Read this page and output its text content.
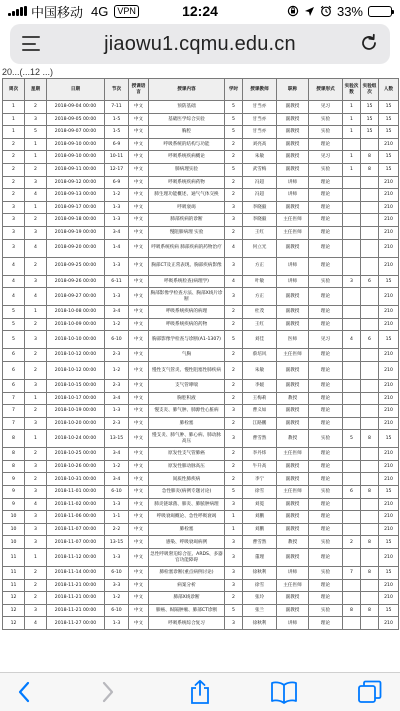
中国移动 4G	VPN	12:24	33%
jiaowu1.cqmu.edu.cn
20...(...12 ...)
周次	星期	日期	节次	授课语言	授课内容	学时	授课教师	职称	授课形式	实验次数	实验组次	人数
1	2	2018-09-04 00:00	7-11	中文	预防基础	5	甘当亦	副教授	见习	1	15	15
1	3	2018-09-05 00:00	1-5	中文	基础医学综合实验	5	甘当亦	副教授	实验	1	15	15
1	5	2018-09-07 00:00	1-5	中文	胸腔	5	甘当亦	副教授	实验	1	15	15
2	1	2018-09-10 00:00	6-9	中文	呼吸系统的结构与功能	2	刘亮高	副教授	理论			210
2	1	2018-09-10 00:00	10-11	中文	呼吸系统疾病概论	2	朱敏	副教授	见习	1	8	15
2	2	2018-09-11 00:00	12-17	中文	肺病理实验	5	武雪梅	副教授	实验	1	8	15
2	3	2018-09-12 00:00	6-9	中文	呼吸系统疾病药物	2	冯超	讲师	理论			210
2	4	2018-09-13 00:00	1-2	中文	肺生理功能概述、通气气体交换	2	冯超	讲师	理论			210
3	1	2018-09-17 00:00	1-3	中文	呼吸衰竭	3	李晓毅	副教授	理论			210
3	2	2018-09-18 00:00	1-3	中文	肺部疾病的诊断	3	李晓毅	主任医师	理论			210
3	3	2018-09-19 00:00	3-4	中文	慢阻肺病理 实验	2	王红	主任医师	理论			210
3	4	2018-09-20 00:00	1-4	中文	呼吸系统疾病 肺部疾病的药物治疗	4	何立光	副教授	理论			210
4	2	2018-09-25 00:00	1-3	中文	胸部CT及正常表现、胸部疾病影像	3	方正	讲师	理论			210
4	3	2018-09-26 00:00	6-11	中文	呼吸系统检查(病理学)	4	叶敏	讲师	实验	3	6	15
4	4	2018-09-27 00:00	1-3	中文	胸部影像学检查方法、胸部X线片诊断	3	方正	副教授	理论			210
5	1	2018-10-08 00:00	3-4	中文	呼吸系统疾病的病理	2	杜茂	副教授	理论			210
5	2	2018-10-09 00:00	1-2	中文	呼吸系统疾病的药物	2	王红	副教授	理论			210
5	3	2018-10-10 00:00	6-10	中文	胸部影像学检查与诊断(A1-1307)	5	刘佳	医师	见习	4	6	15
6	2	2018-10-12 00:00	2-3	中文	气胸	2	蔡培风	主任医师	理论			210
6	2	2018-10-12 00:00	1-2	中文	慢性支气管炎、慢性阻塞性肺疾病	2	朱敏	副教授	理论			210
6	3	2018-10-15 00:00	2-3	中文	支气管哮喘	2	李媛	副教授	理论			210
7	1	2018-10-17 00:00	3-4	中文	胸腔积液	2	王梅莉	教授	理论			210
7	2	2018-10-19 00:00	1-3	中文	慢支炎、肺气肿、肺源性心脏病	3	曹义如	副教授	理论			210
7	3	2018-10-20 00:00	2-3	中文	肺栓塞	2	江路鹏	副教授	理论			210
8	1	2018-10-24 00:00	13-15	中文	慢支炎、肺气肿、肺心病、肺动脉高压	3	曹雪然	教授	实验	5	8	15
8	2	2018-10-25 00:00	3-4	中文	原发性支气管肺癌	2	李丹炜	主任医师	理论			210
8	3	2018-10-26 00:00	1-2	中文	原发性肺动脉高压	2	牛升高	副教授	理论			210
9	2	2018-10-31 00:00	3-4	中文	间质性肺疾病	2	李宁	副教授	理论			210
9	3	2018-11-01 00:00	6-10	中文	急性肺炎(病例专题讨论)	5	徐雪	主任医师	实验	6	8	15
9	4	2018-11-02 00:00	1-3	中文	肺炎链球菌、肺炎、肺脓肿病理	3	刘冕	副教授	理论			210
10	3	2018-11-06 00:00	1-1	中文	呼吸衰竭概论、急性呼吸衰竭	1	刘鹏	副教授	理论			210
10	3	2018-11-07 00:00	2-2	中文	肺栓塞	1	刘鹏	副教授	理论			210
10	3	2018-11-07 00:00	13-15	中文	感染、呼吸衰竭病例	3	曹雪然	教授	实验	2	8	15
11	1	2018-11-12 00:00	1-3	中文	急性呼吸窘迫综合征、ARDS、多器官功能障碍	3	董理	副教授	理论			210
11	2	2018-11-14 00:00	6-10	中文	肺栓塞诊断(重点病例讨论)	3	徐秋利	讲师	实验	7	8	15
11	2	2018-11-21 00:00	3-3	中文	病案分析	3	徐雪	主任医师	理论			210
12	2	2018-11-21 00:00	1-2	中文	肺部X线诊断	2	张玲	副教授	理论			210
12	3	2018-11-21 00:00	6-10	中文	肺癌、纵隔肿瘤、肺部CT诊断	5	张兰	副教授	实验	8	8	15
12	4	2018-11-27 00:00	1-3	中文	呼吸系统综合复习	3	徐秋利	讲师	理论			210
